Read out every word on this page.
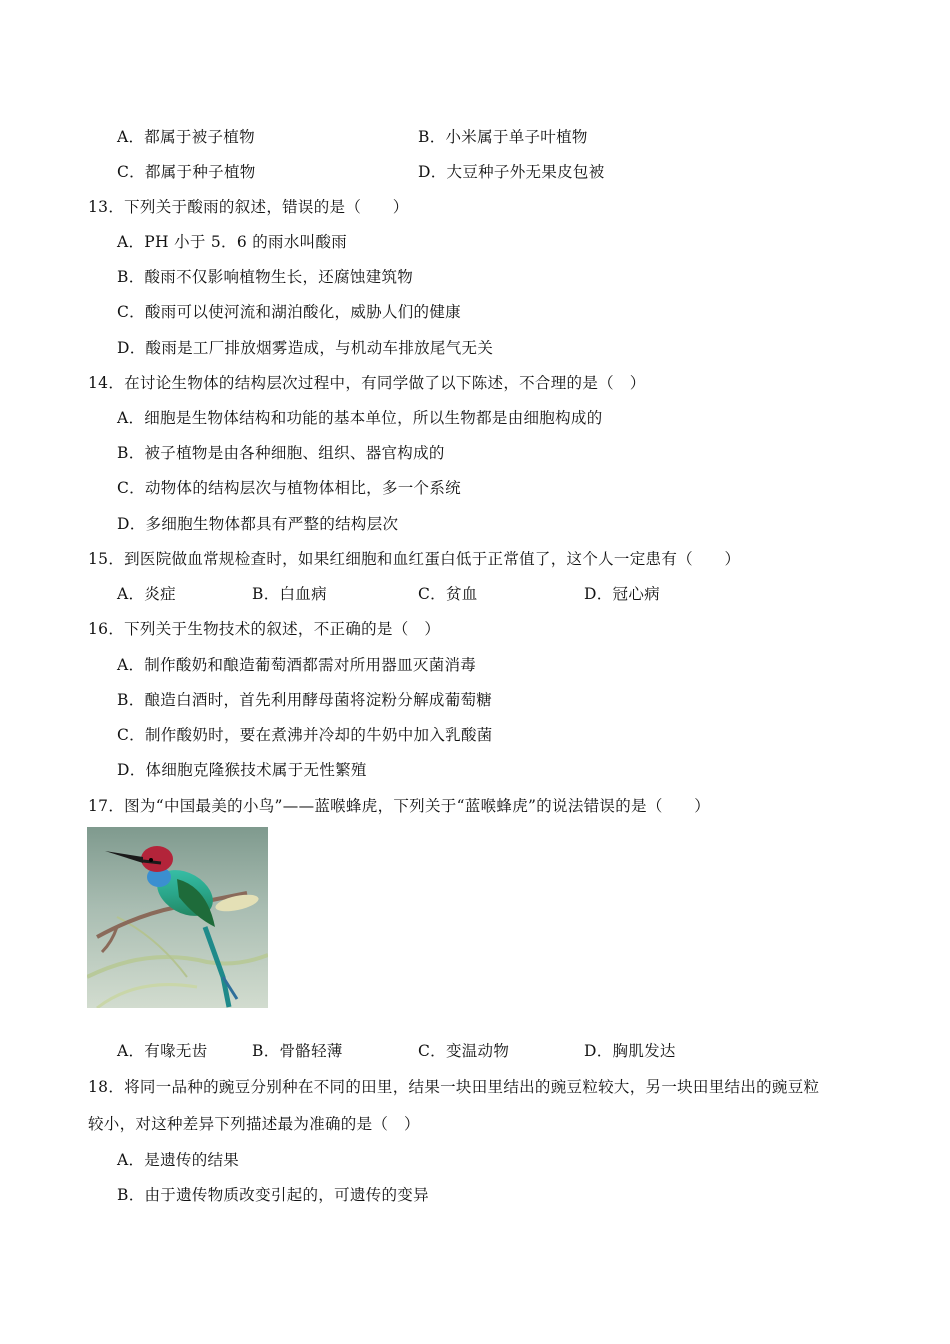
A．都属于被子植物	B．小米属于单子叶植物
C．都属于种子植物	D．大豆种子外无果皮包被
13．下列关于酸雨的叙述，错误的是（　　）
A．PH 小于 5．6 的雨水叫酸雨
B．酸雨不仅影响植物生长，还腐蚀建筑物
C．酸雨可以使河流和湖泊酸化，威胁人们的健康
D．酸雨是工厂排放烟雾造成，与机动车排放尾气无关
14．在讨论生物体的结构层次过程中，有同学做了以下陈述，不合理的是（　）
A．细胞是生物体结构和功能的基本单位，所以生物都是由细胞构成的
B．被子植物是由各种细胞、组织、器官构成的
C．动物体的结构层次与植物体相比，多一个系统
D．多细胞生物体都具有严整的结构层次
15．到医院做血常规检查时，如果红细胞和血红蛋白低于正常值了，这个人一定患有（　　）
A．炎症	B．白血病	C．贫血	D．冠心病
16．下列关于生物技术的叙述，不正确的是（　）
A．制作酸奶和酿造葡萄酒都需对所用器皿灭菌消毒
B．酿造白酒时，首先利用酵母菌将淀粉分解成葡萄糖
C．制作酸奶时，要在煮沸并冷却的牛奶中加入乳酸菌
D．体细胞克隆猴技术属于无性繁殖
17．图为“中国最美的小鸟”——蓝喉蜂虎，下列关于“蓝喉蜂虎”的说法错误的是（　　）
A．有喙无齿	B．骨骼轻薄	C．变温动物	D．胸肌发达
18．将同一品种的豌豆分别种在不同的田里，结果一块田里结出的豌豆粒较大，另一块田里结出的豌豆粒
较小，对这种差异下列描述最为准确的是（　）
A．是遗传的结果
B．由于遗传物质改变引起的，可遗传的变异
